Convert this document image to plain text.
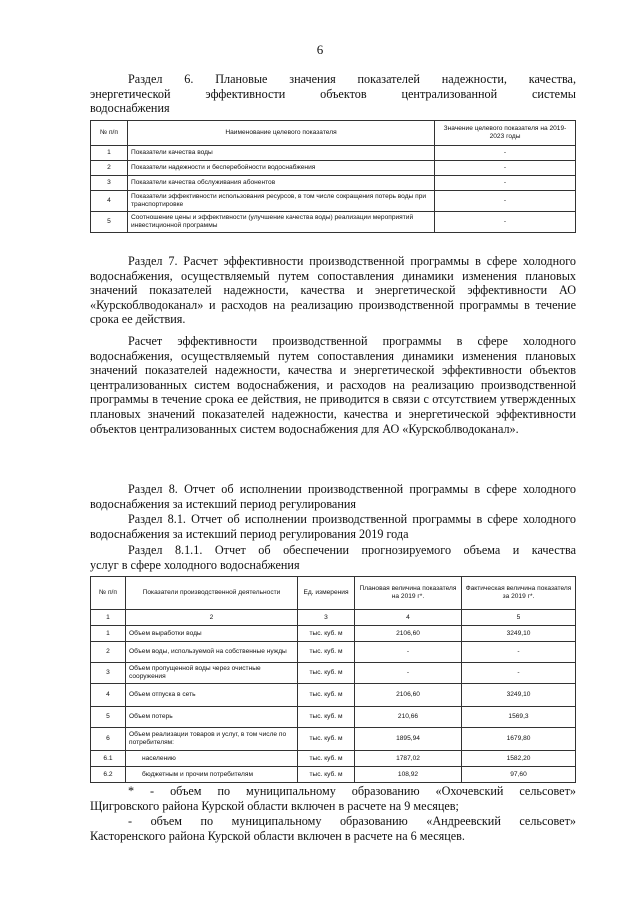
6
Раздел 6. Плановые значения показателей надежности, качества,
энергетической эффективности объектов централизованной системы
водоснабжения
№ п/п	Наименование целевого показателя	Значение целевого показателя на 2019-2023 годы
1	Показатели качества воды	-
2	Показатели надежности и бесперебойности водоснабжения	-
3	Показатели качества обслуживания абонентов	-
4	Показатели эффективности использования ресурсов, в том числе сокращения потерь воды при транспортировке	-
5	Соотношение цены и эффективности (улучшение качества воды) реализации мероприятий инвестиционной программы	-

Раздел 7. Расчет эффективности производственной программы в сфере холодного водоснабжения, осуществляемый путем сопоставления динамики изменения плановых значений показателей надежности, качества и энергетической эффективности АО «Курскоблводоканал» и расходов на реализацию производственной программы в течение срока ее действия.

Расчет эффективности производственной программы в сфере холодного водоснабжения, осуществляемый путем сопоставления динамики изменения плановых значений показателей надежности, качества и энергетической эффективности объектов централизованных систем водоснабжения, и расходов на реализацию производственной программы в течение срока ее действия, не приводится в связи с отсутствием утвержденных плановых значений показателей надежности, качества и энергетической эффективности объектов централизованных систем водоснабжения для АО «Курскоблводоканал».

Раздел 8. Отчет об исполнении производственной программы в сфере холодного водоснабжения за истекший период регулирования

Раздел 8.1. Отчет об исполнении производственной программы в сфере холодного водоснабжения за истекший период регулирования 2019 года

Раздел 8.1.1. Отчет об обеспечении прогнозируемого объема и качества
услуг в сфере холодного водоснабжения
№ п/п	Показатели производственной деятельности	Ед. измерения	Плановая величина показателя на 2019 г*.	Фактическая величина показателя за 2019 г*.
1	2	3	4	5
1	Объем выработки воды	тыс. куб. м	2106,60	3249,10
2	Объем воды, используемой на собственные нужды	тыс. куб. м	-	-
3	Объем пропущенной воды через очистные сооружения	тыс. куб. м	-	-
4	Объем отпуска в сеть	тыс. куб. м	2106,60	3249,10
5	Объем потерь	тыс. куб. м	210,66	1569,3
6	Объем реализации товаров и услуг, в том числе по потребителям:	тыс. куб. м	1895,94	1679,80
6.1	населению	тыс. куб. м	1787,02	1582,20
6.2	бюджетным и прочим потребителям	тыс. куб. м	108,92	97,60
* - объем по муниципальному образованию «Охочевский сельсовет»
Щигровского района Курской области включен в расчете на 9 месяцев;
- объем по муниципальному образованию «Андреевский сельсовет»
Касторенского района Курской области включен в расчете на 6 месяцев.
